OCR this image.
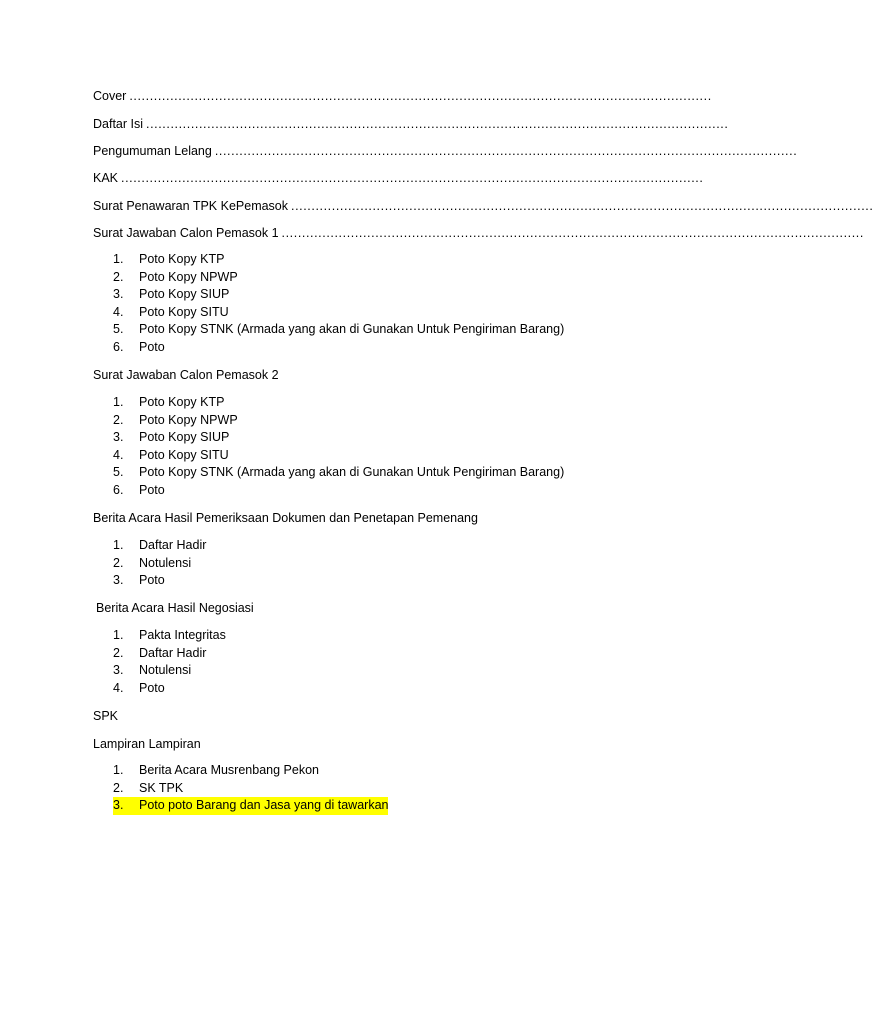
Cover ...............................................................................................................................................
Daftar Isi ...............................................................................................................................................
Pengumuman Lelang ...............................................................................................................................................
KAK ...............................................................................................................................................
Surat Penawaran TPK KePemasok ...............................................................................................................................................
Surat Jawaban Calon Pemasok 1 ...............................................................................................................................................
1.	Poto Kopy KTP
2.	Poto Kopy NPWP
3.	Poto Kopy SIUP
4.	Poto Kopy SITU
5.	Poto Kopy STNK (Armada yang akan di Gunakan Untuk Pengiriman Barang)
6.	Poto
Surat Jawaban Calon Pemasok 2
1.	Poto Kopy KTP
2.	Poto Kopy NPWP
3.	Poto Kopy SIUP
4.	Poto Kopy SITU
5.	Poto Kopy STNK (Armada yang akan di Gunakan Untuk Pengiriman Barang)
6.	Poto
Berita Acara Hasil Pemeriksaan Dokumen dan Penetapan Pemenang
1.	Daftar Hadir
2.	Notulensi
3.	Poto
Berita Acara Hasil Negosiasi
1.	Pakta Integritas
2.	Daftar Hadir
3.	Notulensi
4.	Poto
SPK
Lampiran Lampiran
1.	Berita Acara Musrenbang Pekon
2.	SK TPK
3.	Poto poto Barang dan Jasa yang di tawarkan
